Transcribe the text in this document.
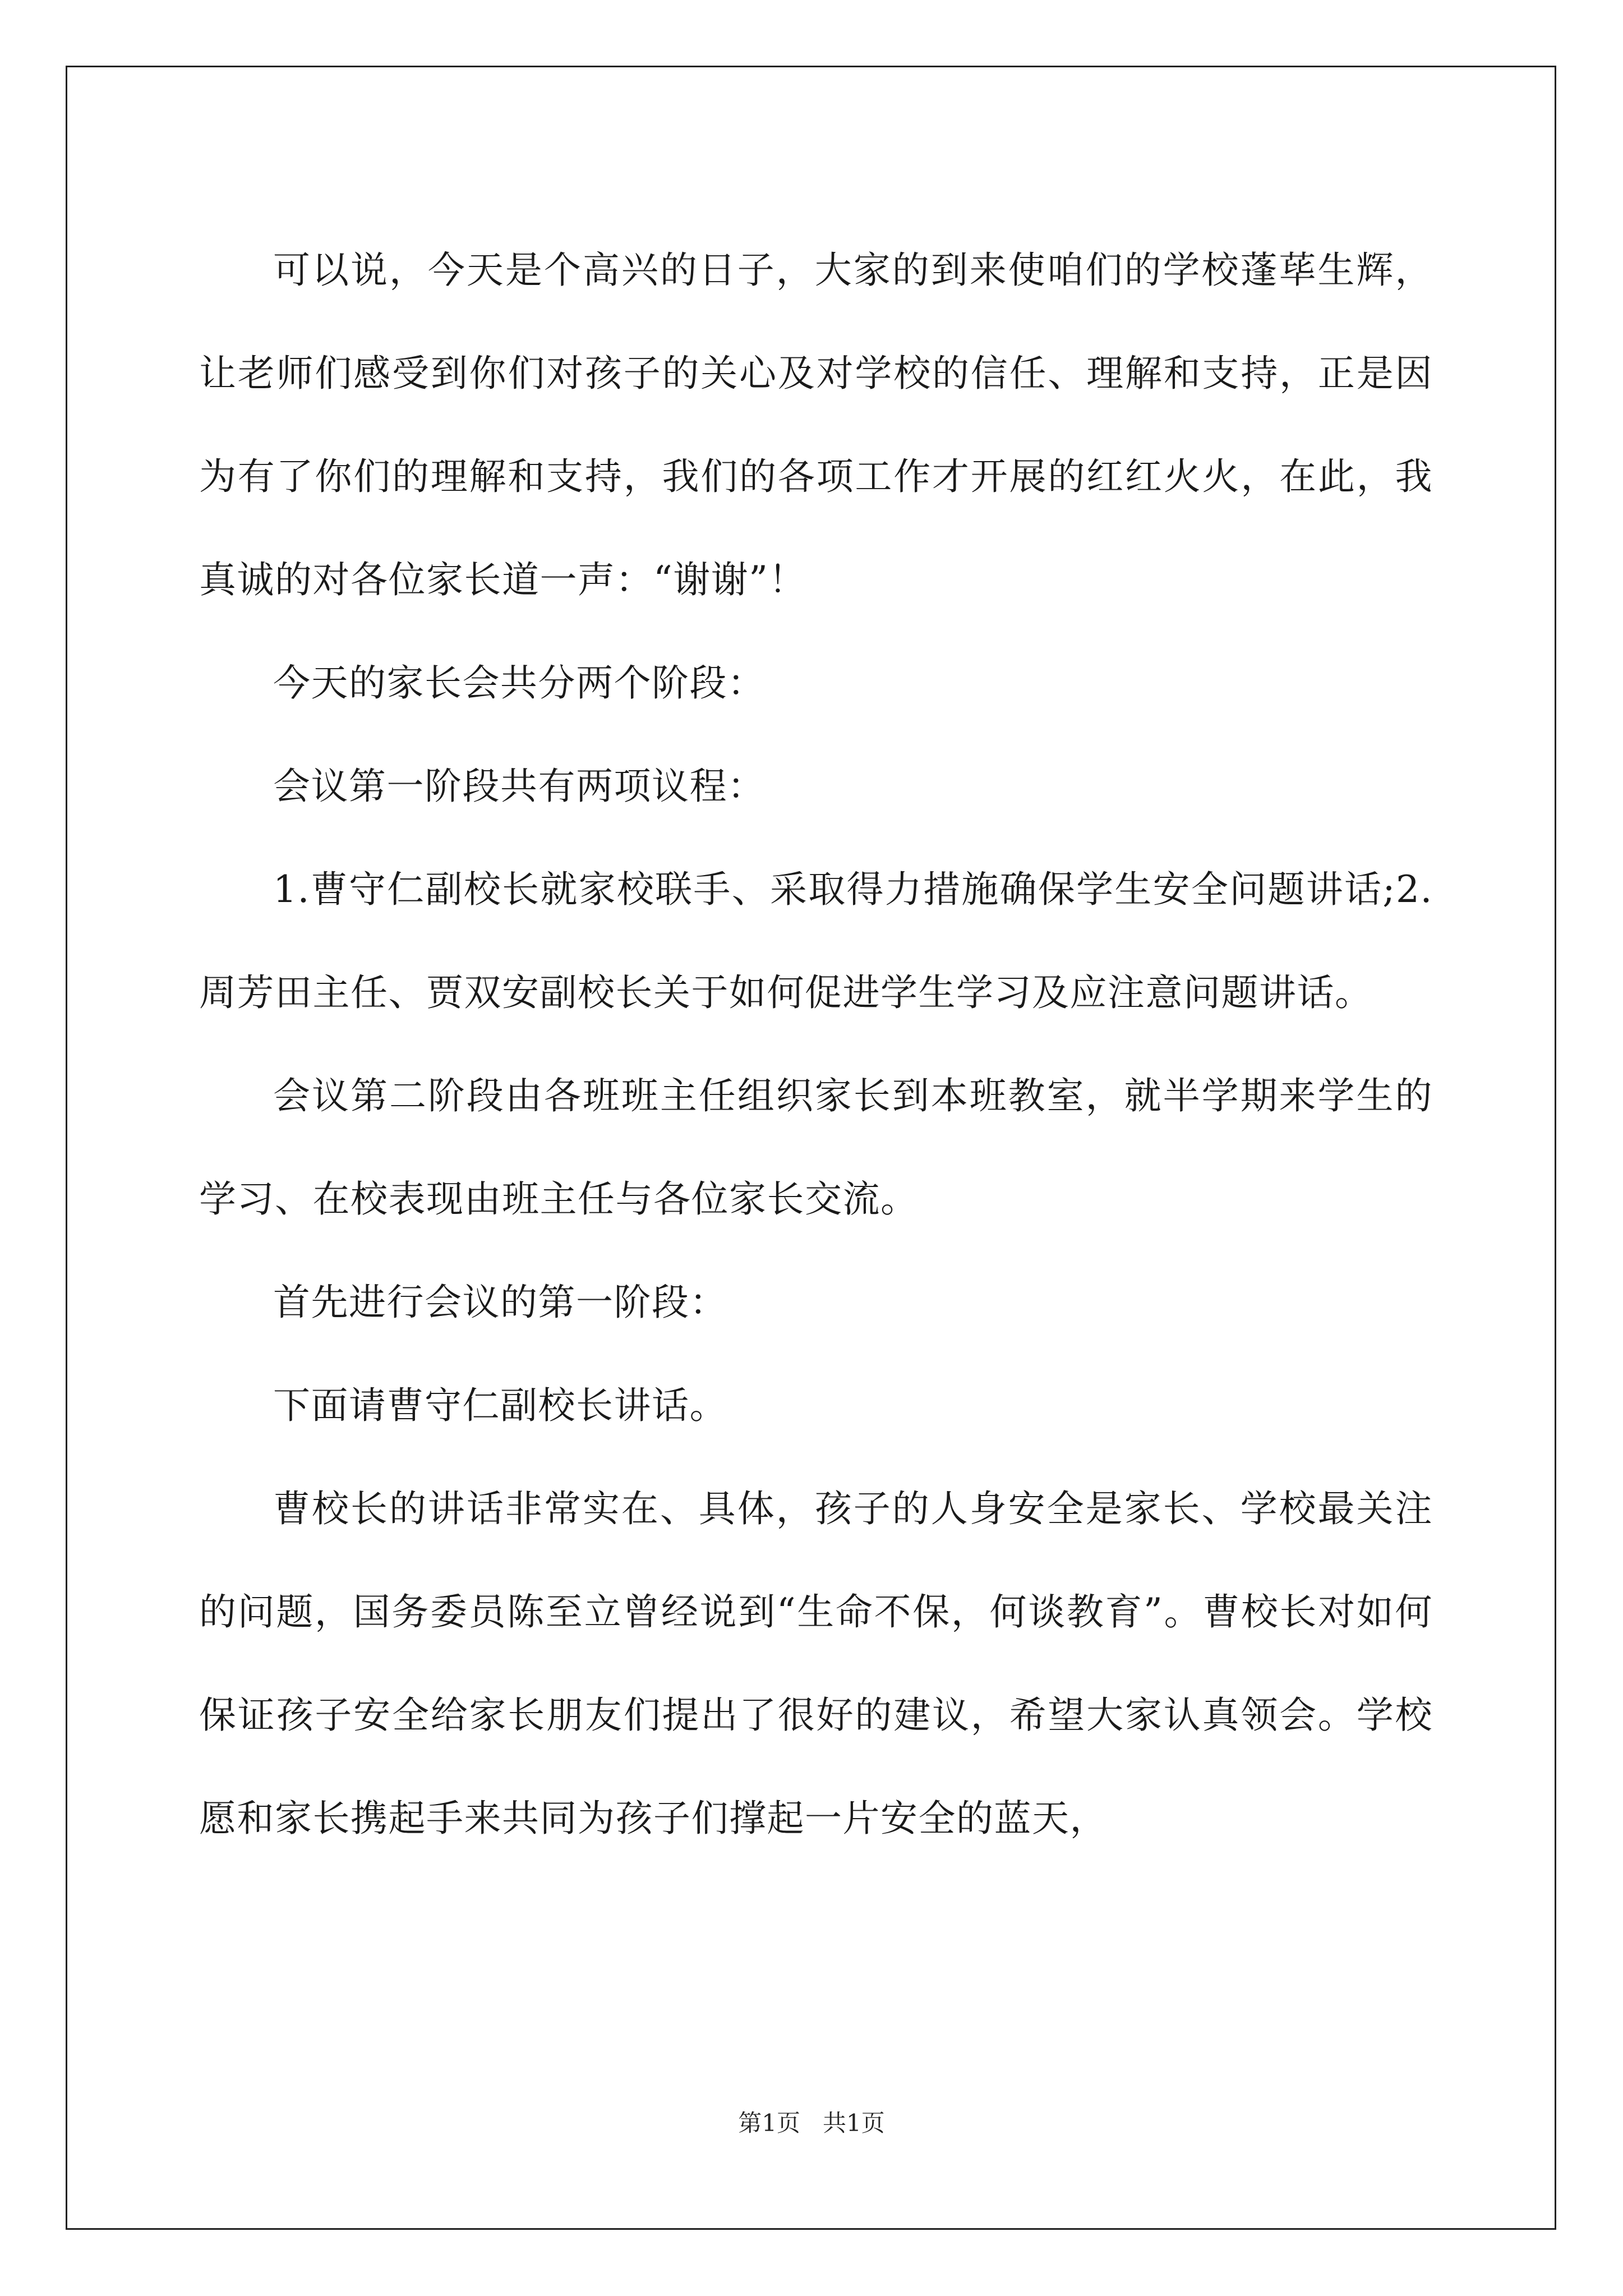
可以说，今天是个高兴的日子，大家的到来使咱们的学校蓬荜生辉，让老师们感受到你们对孩子的关心及对学校的信任、理解和支持，正是因为有了你们的理解和支持，我们的各项工作才开展的红红火火，在此，我真诚的对各位家长道一声：“谢谢”！

今天的家长会共分两个阶段：

会议第一阶段共有两项议程：

1.曹守仁副校长就家校联手、采取得力措施确保学生安全问题讲话;2.周芳田主任、贾双安副校长关于如何促进学生学习及应注意问题讲话。

会议第二阶段由各班班主任组织家长到本班教室，就半学期来学生的学习、在校表现由班主任与各位家长交流。

首先进行会议的第一阶段：

下面请曹守仁副校长讲话。

曹校长的讲话非常实在、具体，孩子的人身安全是家长、学校最关注的问题，国务委员陈至立曾经说到“生命不保，何谈教育”。曹校长对如何保证孩子安全给家长朋友们提出了很好的建议，希望大家认真领会。学校愿和家长携起手来共同为孩子们撑起一片安全的蓝天，

第1页   共1页
